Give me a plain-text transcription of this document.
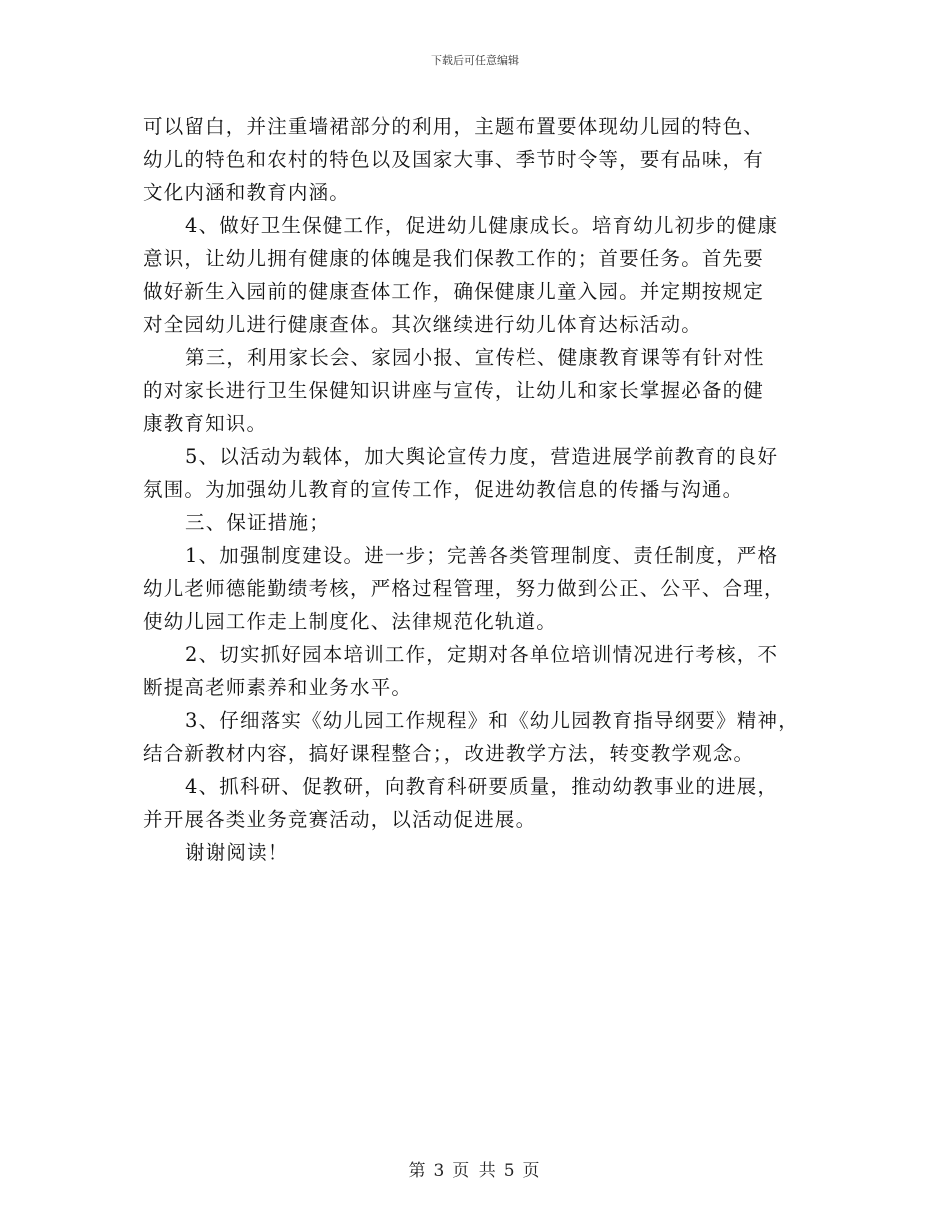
下载后可任意编辑

可以留白，并注重墙裙部分的利用，主题布置要体现幼儿园的特色、
幼儿的特色和农村的特色以及国家大事、季节时令等，要有品味，有
文化内涵和教育内涵。

4、做好卫生保健工作，促进幼儿健康成长。培育幼儿初步的健康
意识，让幼儿拥有健康的体魄是我们保教工作的；首要任务。首先要
做好新生入园前的健康查体工作，确保健康儿童入园。并定期按规定
对全园幼儿进行健康查体。其次继续进行幼儿体育达标活动。

第三，利用家长会、家园小报、宣传栏、健康教育课等有针对性
的对家长进行卫生保健知识讲座与宣传，让幼儿和家长掌握必备的健
康教育知识。

5、以活动为载体，加大舆论宣传力度，营造进展学前教育的良好
氛围。为加强幼儿教育的宣传工作，促进幼教信息的传播与沟通。

三、保证措施；

1、加强制度建设。进一步；完善各类管理制度、责任制度，严格
幼儿老师德能勤绩考核，严格过程管理，努力做到公正、公平、合理，
使幼儿园工作走上制度化、法律规范化轨道。

2、切实抓好园本培训工作，定期对各单位培训情况进行考核，不
断提高老师素养和业务水平。

3、仔细落实《幼儿园工作规程》和《幼儿园教育指导纲要》精神，
结合新教材内容，搞好课程整合；，改进教学方法，转变教学观念。

4、抓科研、促教研，向教育科研要质量，推动幼教事业的进展，
并开展各类业务竞赛活动，以活动促进展。

谢谢阅读！

第 3 页 共 5 页
